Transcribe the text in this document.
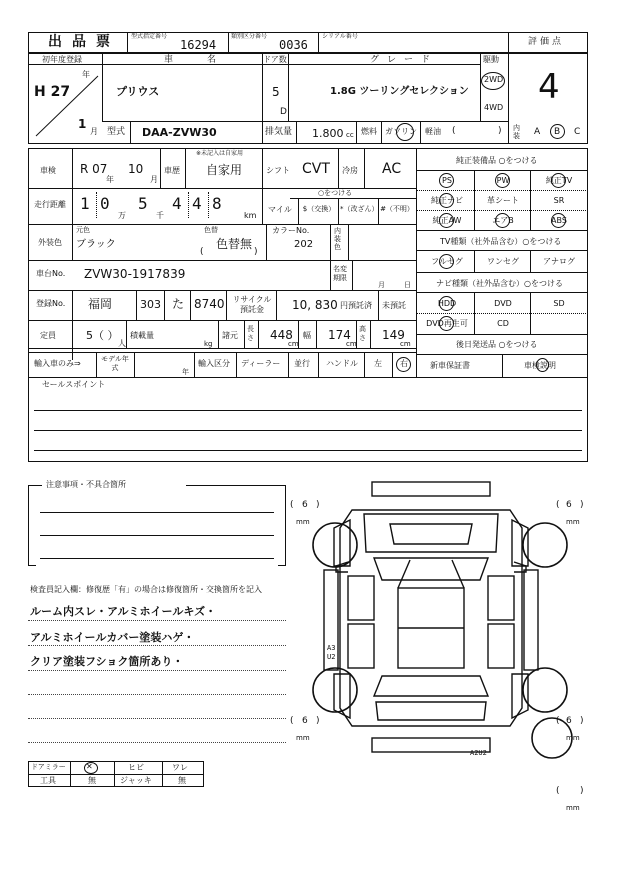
出品票 型式指定番号
16294
類別区分番号
0036
シリアル番号
評価点
初年度登録
H 27
年
1
月
車名
プリウス
ドア数
5
D
グレード
1.8G ツーリングセレクション
駆動
2WD
4WD
4
型式 DAA-ZVW30	排気量 1.800 cc 燃料 ガソリン 軽油 (	) 内装 A B C
車検 R 07
年
10
月
車歴
※未記入は自家用
自家用	シフト CVT 冷房 AC
走行距離 1 0
万
5
千
4 4 8
km
○をつける
マイル $（交換） *（改ざん） #（不明）
外装色
元色
ブラック
色替
色替無
(	)
カラーNo.
202
内装色
車台No. ZVW30-1917839	名変期限
月	日
登録No. 福岡	303 た 8740	リサイクル預託金	10, 830 円預託済 未預託
定員	5（ ）
人
積載量
kg
諸元
長さ 448
cm
幅 174
cm
高さ 149
cm
輸入車のみ⇒	モデル年式	年
輸入区分 ディーラー 並行 ハンドル 左 右
純正装備品 ○をつける
TV種類（社外品含む）○をつける
ナビ種類（社外品含む）○をつける
後日発送品 ○をつける
新車保証書	車検説明
セールスポイント
注意事項・不具合箇所
検査員記入欄：修復歴「有」の場合は修復箇所・交換箇所を記入
ルーム内スレ・アルミホイールキズ・
アルミホイールカバー塗装ハゲ・
クリア塗装フショク箇所あり・
ドアミラー	✕	ヒビ	ワレ
工具	無	ジャッキ	無
( 6 )
mm
( 6 )
mm
( 6 )
mm
( 6 )
mm
( )
mm
A3
U2
A2U2
PS	PW	純正TV
純正ナビ	革シート	SR
純正AW	エアB	ABS
フルセグ	ワンセグ	アナログ
HDD	DVD	SD
DVD再生可	CD
